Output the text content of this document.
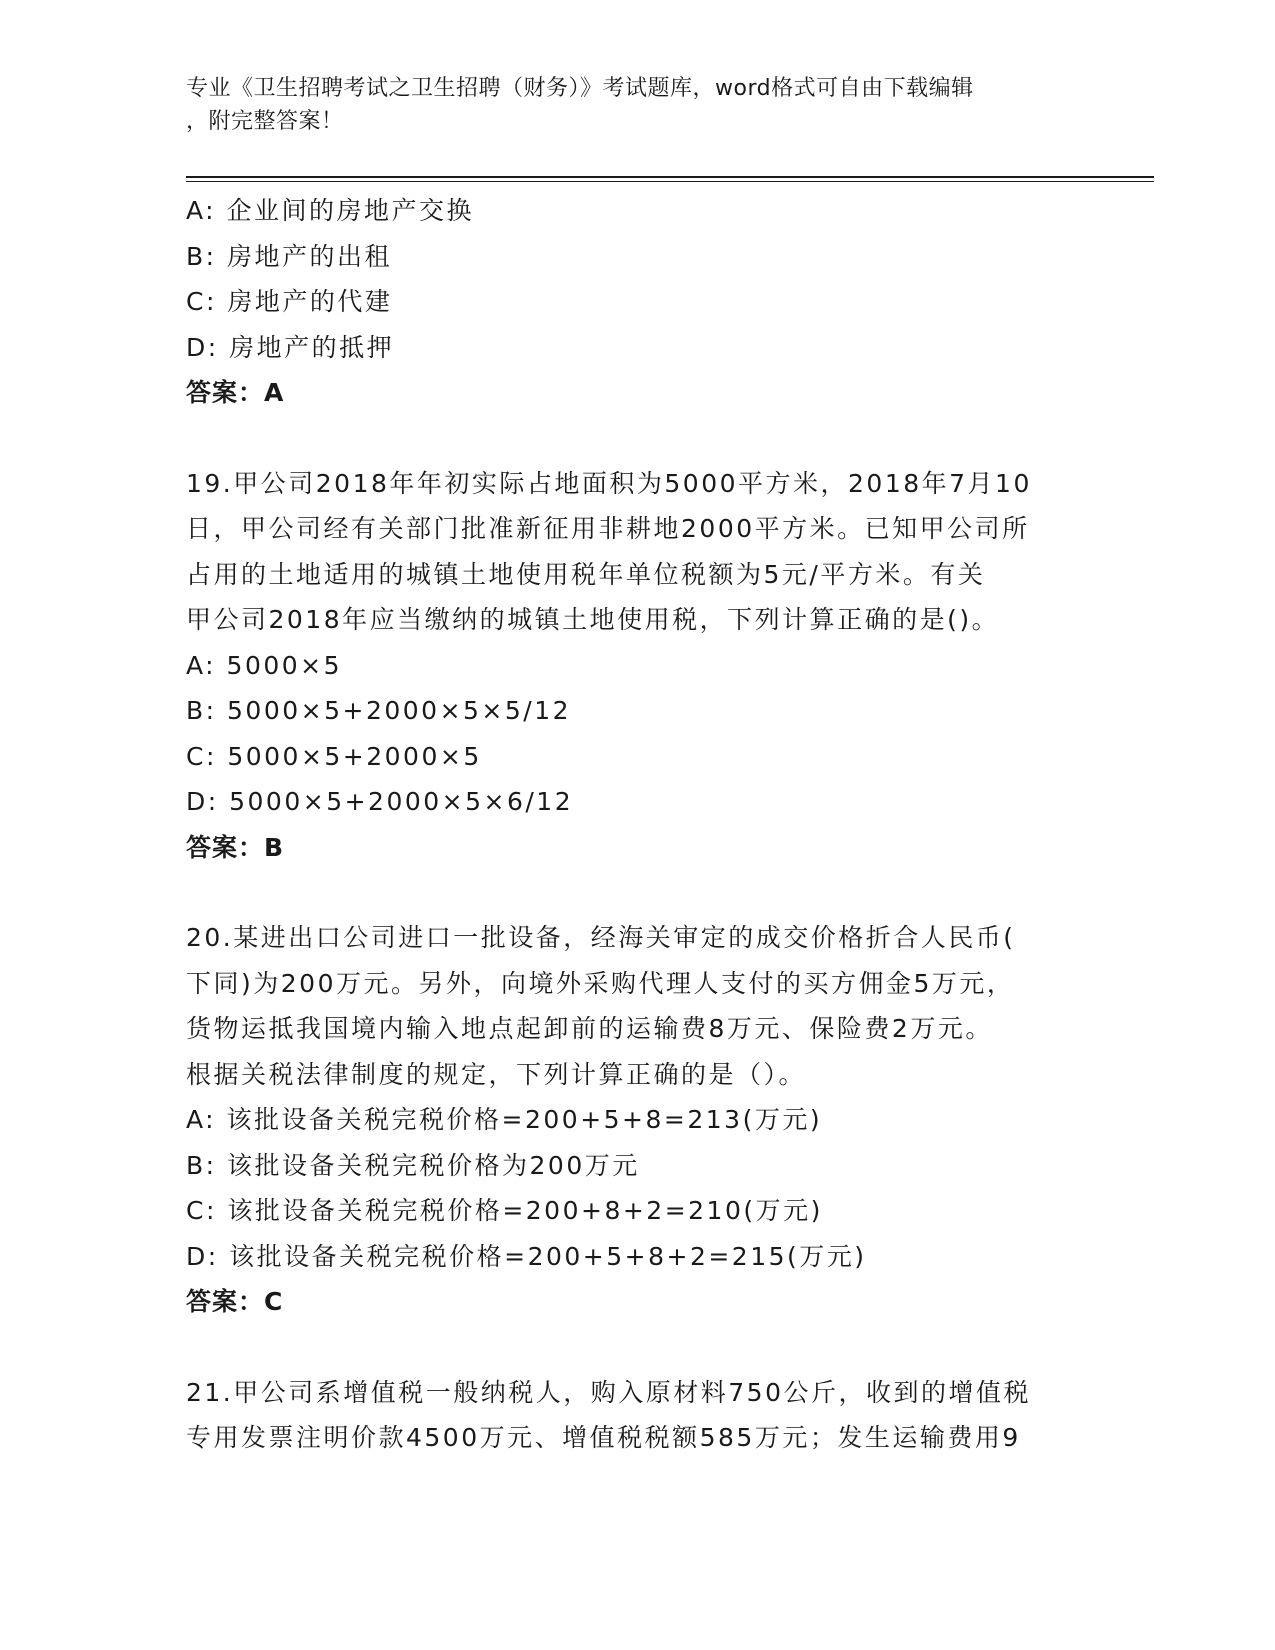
专业《卫生招聘考试之卫生招聘（财务）》考试题库，word格式可自由下载编辑
，附完整答案！
A: 企业间的房地产交换
B: 房地产的出租
C: 房地产的代建
D: 房地产的抵押
答案：A
19.甲公司2018年年初实际占地面积为5000平方米，2018年7月10
日，甲公司经有关部门批准新征用非耕地2000平方米。已知甲公司所
占用的土地适用的城镇土地使用税年单位税额为5元/平方米。有关
甲公司2018年应当缴纳的城镇土地使用税，下列计算正确的是()。
A: 5000×5
B: 5000×5+2000×5×5/12
C: 5000×5+2000×5
D: 5000×5+2000×5×6/12
答案：B
20.某进出口公司进口一批设备，经海关审定的成交价格折合人民币(
下同)为200万元。另外，向境外采购代理人支付的买方佣金5万元，
货物运抵我国境内输入地点起卸前的运输费8万元、保险费2万元。
根据关税法律制度的规定，下列计算正确的是（）。
A: 该批设备关税完税价格=200+5+8=213(万元)
B: 该批设备关税完税价格为200万元
C: 该批设备关税完税价格=200+8+2=210(万元)
D: 该批设备关税完税价格=200+5+8+2=215(万元)
答案：C
21.甲公司系增值税一般纳税人，购入原材料750公斤，收到的增值税
专用发票注明价款4500万元、增值税税额585万元；发生运输费用9
